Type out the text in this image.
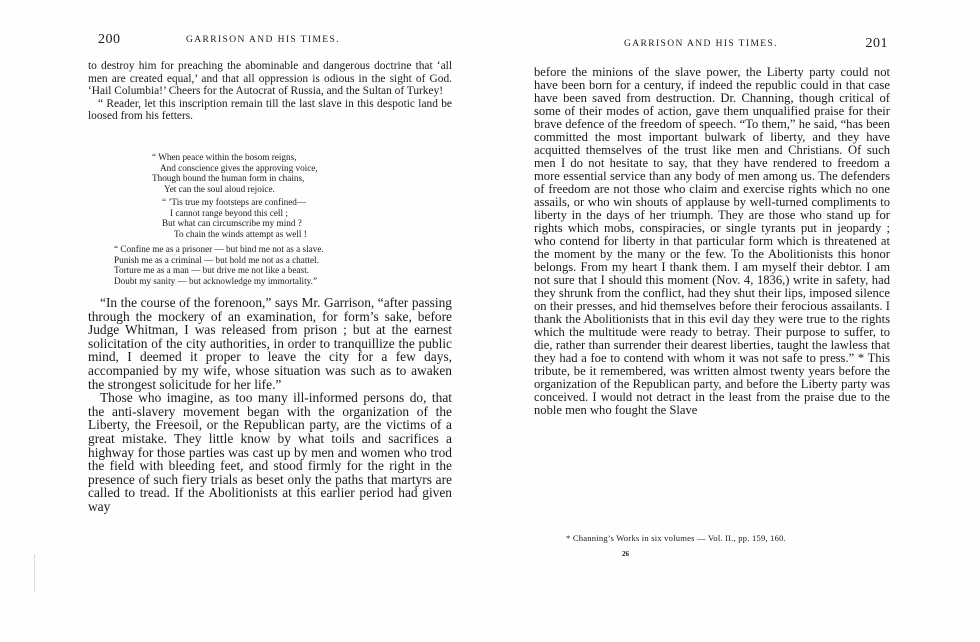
200	GARRISON AND HIS TIMES.

to destroy him for preaching the abominable and dangerous doctrine that ‘all men are created equal,’ and that all oppression is odious in the sight of God. ‘Hail Columbia!’ Cheers for the Autocrat of Russia, and the Sultan of Turkey!

“ Reader, let this inscription remain till the last slave in this despotic land be loosed from his fetters.

“ When peace within the bosom reigns,
And conscience gives the approving voice,
Though bound the human form in chains,
Yet can the soul aloud rejoice.
“ ’Tis true my footsteps are confined—
I cannot range beyond this cell ;
But what can circumscribe my mind ?
To chain the winds attempt as well !
“ Confine me as a prisoner — but bind me not as a slave.
Punish me as a criminal — but hold me not as a chattel.
Torture me as a man — but drive me not like a beast.
Doubt my sanity — but acknowledge my immortality.”

“In the course of the forenoon,” says Mr. Garrison, “after passing through the mockery of an examination, for form’s sake, before Judge Whitman, I was released from prison ; but at the earnest solicitation of the city authorities, in order to tranquillize the public mind, I deemed it proper to leave the city for a few days, accompanied by my wife, whose situation was such as to awaken the strongest solicitude for her life.”

Those who imagine, as too many ill-informed persons do, that the anti-slavery movement began with the organization of the Liberty, the Freesoil, or the Republican party, are the victims of a great mistake. They little know by what toils and sacrifices a highway for those parties was cast up by men and women who trod the field with bleeding feet, and stood firmly for the right in the presence of such fiery trials as beset only the paths that martyrs are called to tread. If the Abolitionists at this earlier period had given way

GARRISON AND HIS TIMES.	201

before the minions of the slave power, the Liberty party could not have been born for a century, if indeed the republic could in that case have been saved from destruction. Dr. Channing, though critical of some of their modes of action, gave them unqualified praise for their brave defence of the freedom of speech. “To them,” he said, “has been committed the most important bulwark of liberty, and they have acquitted themselves of the trust like men and Christians. Of such men I do not hesitate to say, that they have rendered to freedom a more essential service than any body of men among us. The defenders of freedom are not those who claim and exercise rights which no one assails, or who win shouts of applause by well-turned compliments to liberty in the days of her triumph. They are those who stand up for rights which mobs, conspiracies, or single tyrants put in jeopardy ; who contend for liberty in that particular form which is threatened at the moment by the many or the few. To the Abolitionists this honor belongs. From my heart I thank them. I am myself their debtor. I am not sure that I should this moment (Nov. 4, 1836,) write in safety, had they shrunk from the conflict, had they shut their lips, imposed silence on their presses, and hid themselves before their ferocious assailants. I thank the Abolitionists that in this evil day they were true to the rights which the multitude were ready to betray. Their purpose to suffer, to die, rather than surrender their dearest liberties, taught the lawless that they had a foe to contend with whom it was not safe to press.” * This tribute, be it remembered, was written almost twenty years before the organization of the Republican party, and before the Liberty party was conceived. I would not detract in the least from the praise due to the noble men who fought the Slave

* Channing’s Works in six volumes — Vol. II., pp. 159, 160.
26
